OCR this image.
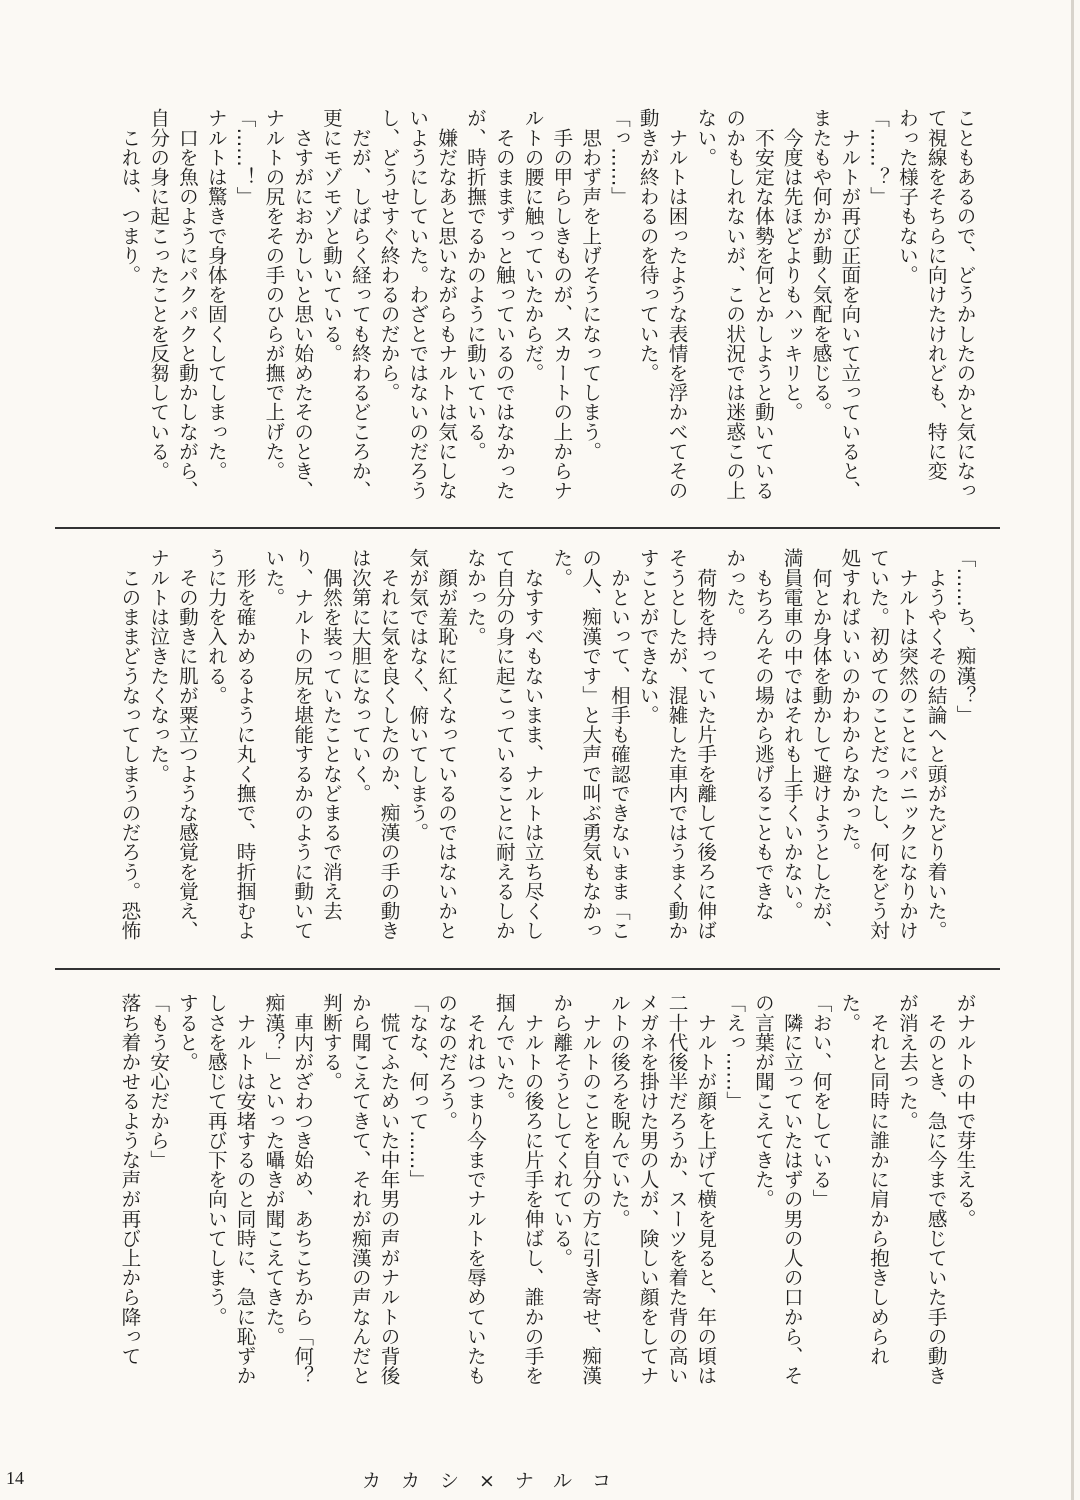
こともあるので、どうかしたのかと気になっ
て視線をそちらに向けたけれども、特に変
わった様子もない。
「……？」
　ナルトが再び正面を向いて立っていると、
またもや何かが動く気配を感じる。
　今度は先ほどよりもハッキリと。
　不安定な体勢を何とかしようと動いている
のかもしれないが、この状況では迷惑この上
ない。
　ナルトは困ったような表情を浮かべてその
動きが終わるのを待っていた。
「っ……」
　思わず声を上げそうになってしまう。
　手の甲らしきものが、スカートの上からナ
ルトの腰に触っていたからだ。
　そのままずっと触っているのではなかった
が、時折撫でるかのように動いている。
　嫌だなあと思いながらもナルトは気にしな
いようにしていた。わざとではないのだろう
し、どうせすぐ終わるのだから。
　だが、しばらく経っても終わるどころか、
更にモゾモゾと動いている。
　さすがにおかしいと思い始めたそのとき、
ナルトの尻をその手のひらが撫で上げた。
「……！」
ナルトは驚きで身体を固くしてしまった。
　口を魚のようにパクパクと動かしながら、
自分の身に起こったことを反芻している。
　これは、つまり。
「……ち、痴漢？」
　ようやくその結論へと頭がたどり着いた。
　ナルトは突然のことにパニックになりかけ
ていた。初めてのことだったし、何をどう対
処すればいいのかわからなかった。
　何とか身体を動かして避けようとしたが、
満員電車の中ではそれも上手くいかない。
　もちろんその場から逃げることもできな
かった。
　荷物を持っていた片手を離して後ろに伸ば
そうとしたが、混雑した車内ではうまく動か
すことができない。
　かといって、相手も確認できないまま「こ
の人、痴漢です」と大声で叫ぶ勇気もなかっ
た。
　なすすべもないまま、ナルトは立ち尽くし
て自分の身に起こっていることに耐えるしか
なかった。
　顔が羞恥に紅くなっているのではないかと
気が気ではなく、俯いてしまう。
　それに気を良くしたのか、痴漢の手の動き
は次第に大胆になっていく。
　偶然を装っていたことなどまるで消え去
り、ナルトの尻を堪能するかのように動いて
いた。
　形を確かめるように丸く撫で、時折掴むよ
うに力を入れる。
　その動きに肌が粟立つような感覚を覚え、
ナルトは泣きたくなった。
　このままどうなってしまうのだろう。恐怖
がナルトの中で芽生える。
　そのとき、急に今まで感じていた手の動き
が消え去った。
　それと同時に誰かに肩から抱きしめられ
た。
「おい、何をしている」
　隣に立っていたはずの男の人の口から、そ
の言葉が聞こえてきた。
「えっ……」
　ナルトが顔を上げて横を見ると、年の頃は
二十代後半だろうか、スーツを着た背の高い
メガネを掛けた男の人が、険しい顔をしてナ
ルトの後ろを睨んでいた。
　ナルトのことを自分の方に引き寄せ、痴漢
から離そうとしてくれている。
　ナルトの後ろに片手を伸ばし、誰かの手を
掴んでいた。
　それはつまり今までナルトを辱めていたも
のなのだろう。
「なな、何って……」
　慌てふためいた中年男の声がナルトの背後
から聞こえてきて、それが痴漢の声なんだと
判断する。
　車内がざわつき始め、あちこちから「何？
痴漢？」といった囁きが聞こえてきた。
　ナルトは安堵するのと同時に、急に恥ずか
しさを感じて再び下を向いてしまう。
すると。
「もう安心だから」
落ち着かせるような声が再び上から降って
14	カカシ×ナルコ
